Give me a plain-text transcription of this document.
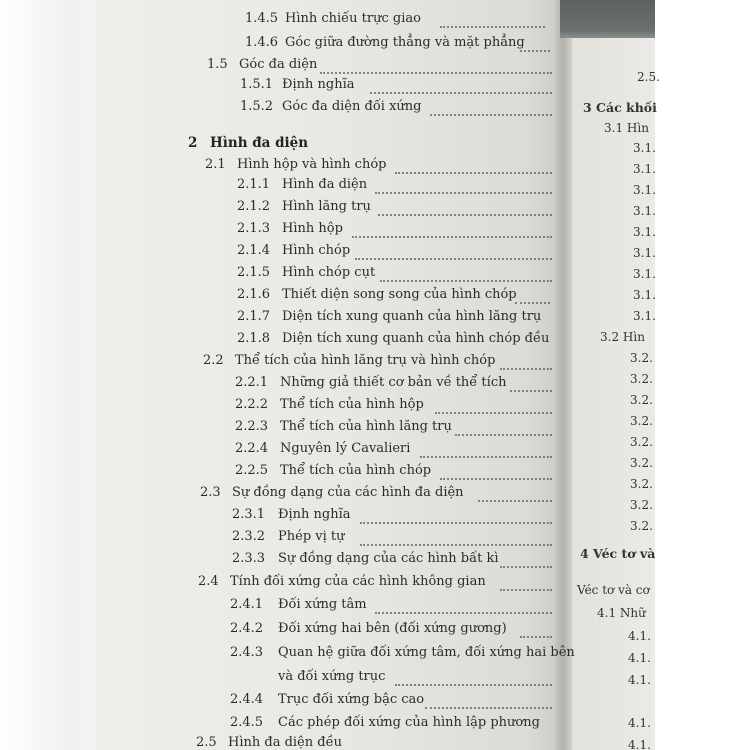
1.4.5 Hình chiếu trực giao
1.4.6 Góc giữa đường thẳng và mặt phẳng
1.5 Góc đa diện
1.5.1 Định nghĩa
1.5.2 Góc đa diện đối xứng
2.1 Hình hộp và hình chóp
2.1.1 Hình đa diện
2.1.2 Hình lăng trụ
2.1.3 Hình hộp
2.1.4 Hình chóp
2.1.5 Hình chóp cụt
2.1.6 Thiết diện song song của hình chóp
2.1.7 Diện tích xung quanh của hình lăng trụ
2.1.8 Diện tích xung quanh của hình chóp đều
2.2 Thể tích của hình lăng trụ và hình chóp
2.2.1 Những giả thiết cơ bản về thể tích
2.2.2 Thể tích của hình hộp
2.2.3 Thể tích của hình lăng trụ
2.2.4 Nguyên lý Cavalieri
2.2.5 Thể tích của hình chóp
2.3 Sự đồng dạng của các hình đa diện
2.3.1 Định nghĩa
2.3.2 Phép vị tự
2.3.3 Sự đồng dạng của các hình bất kì
2.4 Tính đối xứng của các hình không gian
2.4.1 Đối xứng tâm
2.4.2 Đối xứng hai bên (đối xứng gương)
2.4.3 Quan hệ giữa đối xứng tâm, đối xứng hai bên
và đối xứng trục
2.4.4 Trục đối xứng bậc cao
2.4.5 Các phép đối xứng của hình lập phương
2.5 Hình đa diện đều
2 Hình đa diện
2.5.
3 Các khối
3.1 Hìn
3.1.
3.1.
3.1.
3.1.
3.1.
3.1.
3.1.
3.1.
3.1.
3.2 Hìn
3.2.
3.2.
3.2.
3.2.
3.2.
3.2.
3.2.
3.2.
3.2.
4 Véc tơ và
Véc tơ và cơ
4.1 Nhữ
4.1.
4.1.
4.1.
4.1.
4.1.
